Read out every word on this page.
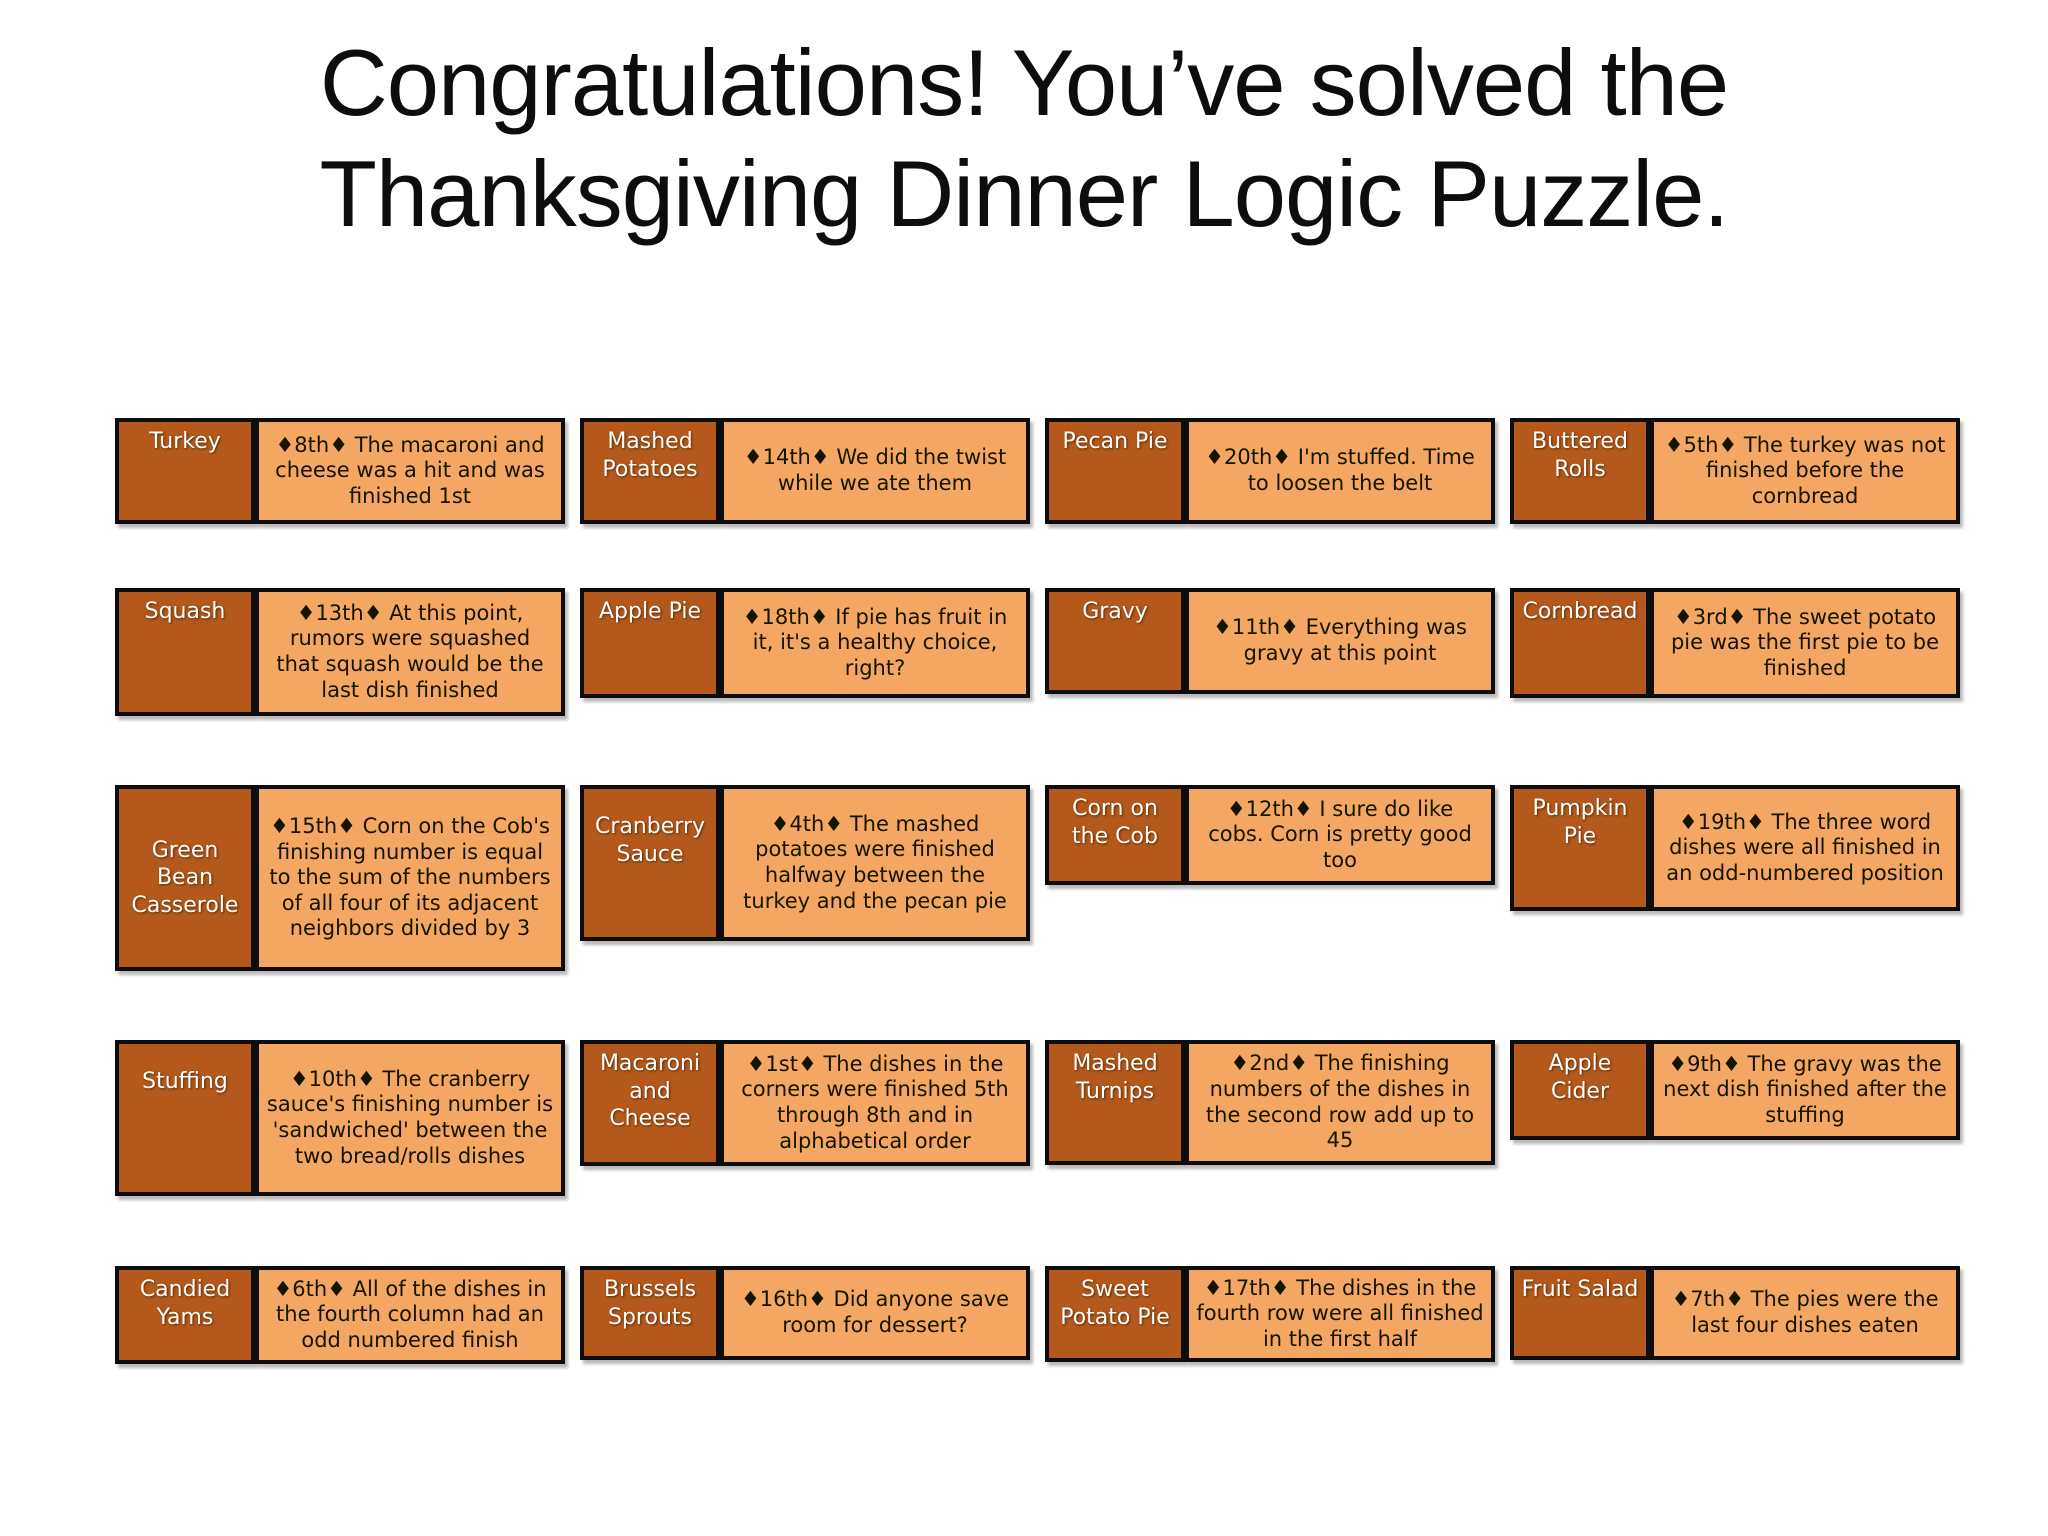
Congratulations! You’ve solved the
Thanksgiving Dinner Logic Puzzle.
Turkey	♦8th♦ The macaroni and cheese was a hit and was finished 1st
Mashed Potatoes	♦14th♦ We did the twist while we ate them
Pecan Pie
♦20th♦ I'm stuffed. Time to loosen the belt
Buttered Rolls
♦5th♦ The turkey was not finished before the cornbread
Squash	♦13th♦ At this point, rumors were squashed that squash would be the last dish finished
Apple Pie	♦18th♦ If pie has fruit in it, it's a healthy choice, right?
Gravy
♦11th♦ Everything was gravy at this point
Cornbread	♦3rd♦ The sweet potato pie was the first pie to be finished
Green Bean Casserole
♦15th♦ Corn on the Cob's finishing number is equal to the sum of the numbers of all four of its adjacent neighbors divided by 3
Cranberry Sauce
♦4th♦ The mashed potatoes were finished halfway between the turkey and the pecan pie
Corn on the Cob
♦12th♦ I sure do like cobs. Corn is pretty good too
Pumpkin Pie
♦19th♦ The three word dishes were all finished in an odd-numbered position
Stuffing	♦10th♦ The cranberry sauce's finishing number is 'sandwiched' between the two bread/rolls dishes
Macaroni and Cheese
♦1st♦ The dishes in the corners were finished 5th through 8th and in alphabetical order
Mashed Turnips
♦2nd♦ The finishing numbers of the dishes in the second row add up to 45
Apple Cider
♦9th♦ The gravy was the next dish finished after the stuffing
Candied Yams
♦6th♦ All of the dishes in the fourth column had an odd numbered finish
Brussels Sprouts
♦16th♦ Did anyone save room for dessert?
Sweet Potato Pie
♦17th♦ The dishes in the fourth row were all finished in the first half
Fruit Salad	♦7th♦ The pies were the last four dishes eaten
